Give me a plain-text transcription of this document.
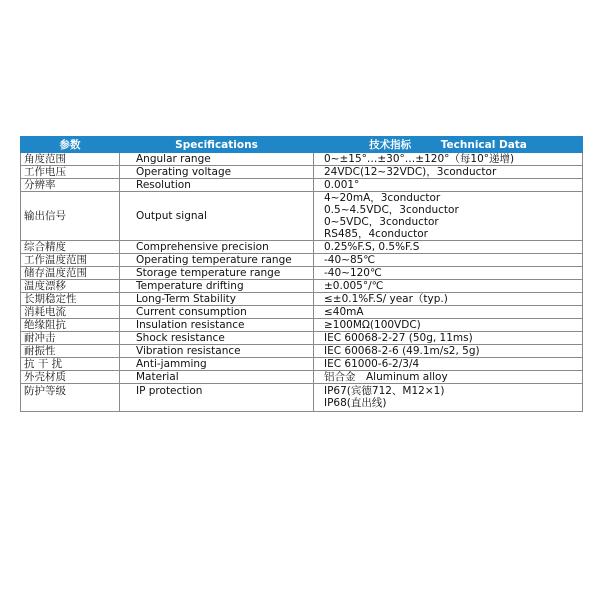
参数	Specifications	技术指标 Technical Data
角度范围	Angular range	0~±15°…±30°…±120°（每10°递增)

工作电压	Operating voltage	24VDC(12~32VDC)，3conductor

分辨率	Resolution	0.001°

输出信号	Output signal	4~20mA，3conductor
0.5~4.5VDC，3conductor
0~5VDC，3conductor
RS485，4conductor

综合精度	Comprehensive precision	0.25%F.S, 0.5%F.S

工作温度范围	Operating temperature range	-40~85℃

储存温度范围	Storage temperature range	-40~120℃

温度漂移	Temperature drifting	±0.005°/℃

长期稳定性	Long-Term Stability	≤±0.1%F.S/ year（typ.)

消耗电流	Current consumption	≤40mA

绝缘阻抗	Insulation resistance	≥100MΩ(100VDC)

耐冲击	Shock resistance	IEC 60068-2-27 (50g, 11ms)

耐振性	Vibration resistance	IEC 60068-2-6 (49.1m/s2, 5g)

抗 干 扰	Anti-jamming	IEC 61000-6-2/3/4

外壳材质	Material	铝合金　Aluminum alloy

防护等级	IP protection	IP67(宾德712、M12×1)
IP68(直出线)
